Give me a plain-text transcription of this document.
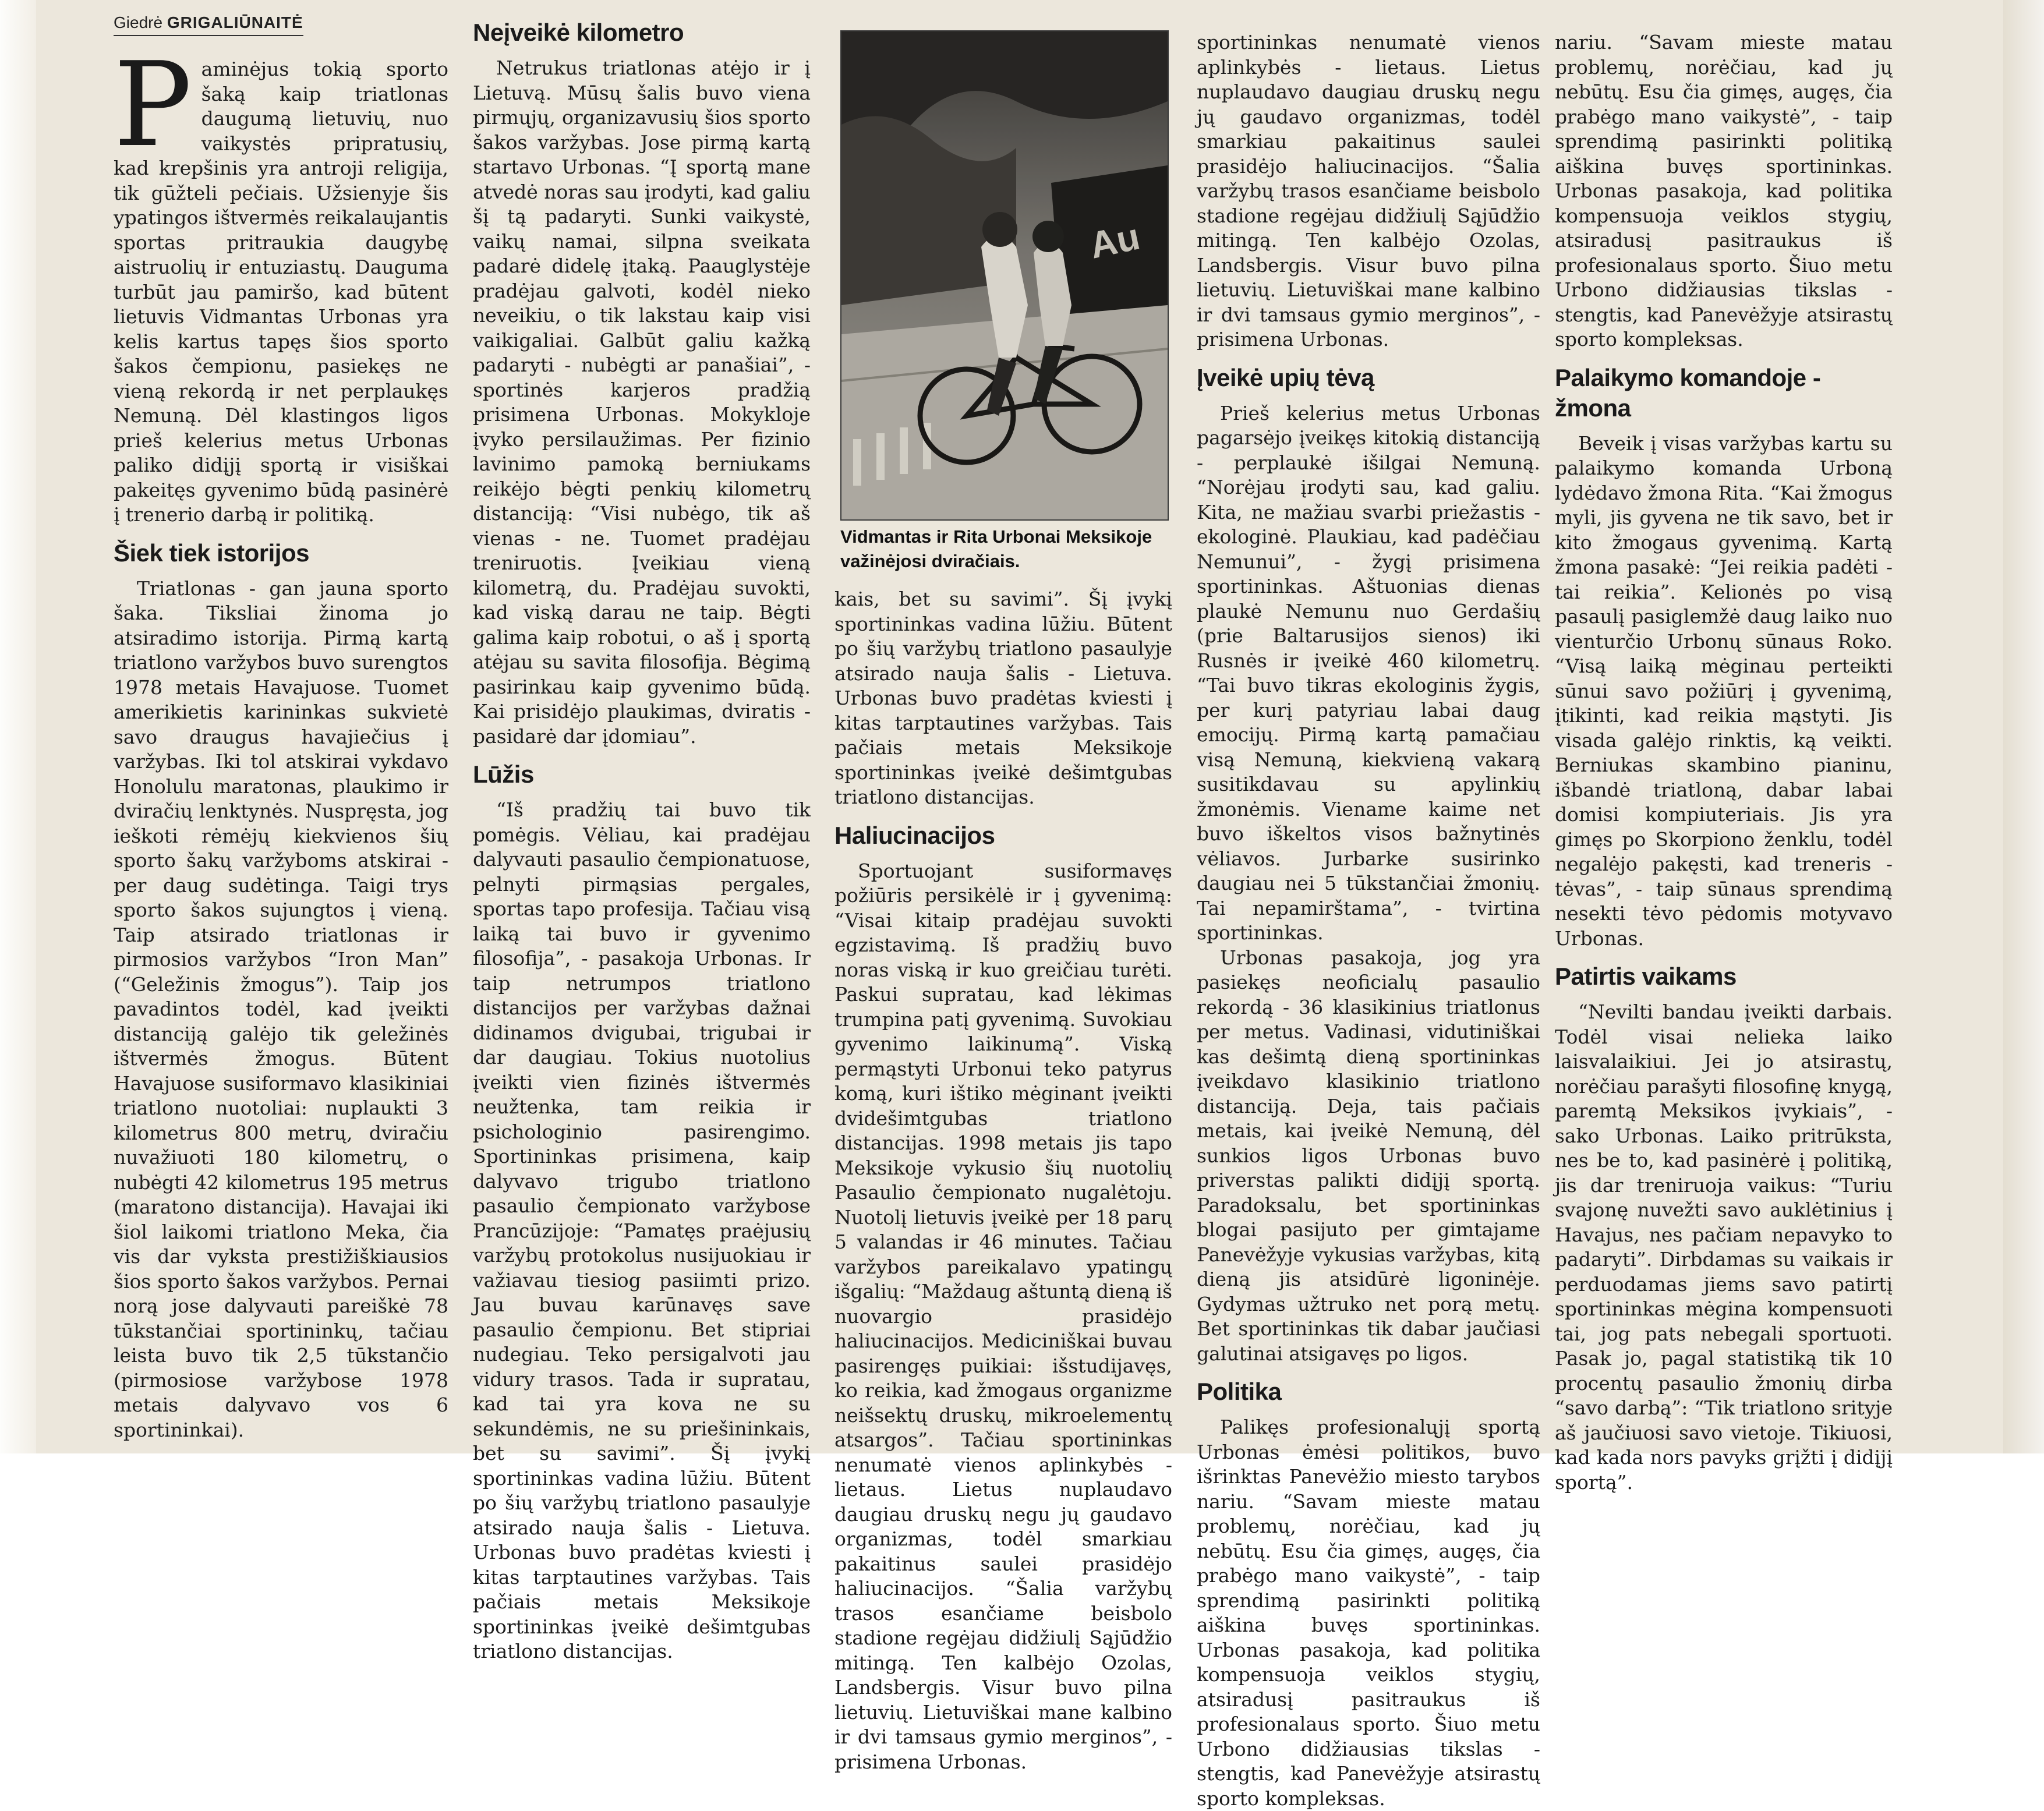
Giedrė GRIGALIŪNAITĖ

Paminėjus tokią sporto šaką kaip triatlonas daugumą lietuvių, nuo vaikystės pripratusių, kad krepšinis yra antroji religija, tik gūžteli pečiais. Užsienyje šis ypatingos ištvermės reikalaujantis sportas pritraukia daugybę aistruolių ir entuziastų. Dauguma turbūt jau pamiršo, kad būtent lietuvis Vidmantas Urbonas yra kelis kartus tapęs šios sporto šakos čempionu, pasiekęs ne vieną rekordą ir net perplaukęs Nemuną. Dėl klastingos ligos prieš kelerius metus Urbonas paliko didįjį sportą ir visiškai pakeitęs gyvenimo būdą pasinėrė į trenerio darbą ir politiką.

Šiek tiek istorijos

Triatlonas - gan jauna sporto šaka. Tiksliai žinoma jo atsiradimo istorija. Pirmą kartą triatlono varžybos buvo surengtos 1978 metais Havajuose. Tuomet amerikietis karininkas sukvietė savo draugus havajiečius į varžybas. Iki tol atskirai vykdavo Honolulu maratonas, plaukimo ir dviračių lenktynės. Nuspręsta, jog ieškoti rėmėjų kiekvienos šių sporto šakų varžyboms atskirai - per daug sudėtinga. Taigi trys sporto šakos sujungtos į vieną. Taip atsirado triatlonas ir pirmosios varžybos “Iron Man” (“Geležinis žmogus”). Taip jos pavadintos todėl, kad įveikti distanciją galėjo tik geležinės ištvermės žmogus. Būtent Havajuose susiformavo klasikiniai triatlono nuotoliai: nuplaukti 3 kilometrus 800 metrų, dviračiu nuvažiuoti 180 kilometrų, o nubėgti 42 kilometrus 195 metrus (maratono distancija). Havajai iki šiol laikomi triatlono Meka, čia vis dar vyksta prestižiškiausios šios sporto šakos varžybos. Pernai norą jose dalyvauti pareiškė 78 tūkstančiai sportininkų, tačiau leista buvo tik 2,5 tūkstančio (pirmosiose varžybose 1978 metais dalyvavo vos 6 sportininkai).

Neįveikė kilometro

Netrukus triatlonas atėjo ir į Lietuvą. Mūsų šalis buvo viena pirmųjų, organizavusių šios sporto šakos varžybas. Jose pirmą kartą startavo Urbonas. “Į sportą mane atvedė noras sau įrodyti, kad galiu šį tą padaryti. Sunki vaikystė, vaikų namai, silpna sveikata padarė didelę įtaką. Paauglystėje pradėjau galvoti, kodėl nieko neveikiu, o tik lakstau kaip visi vaikigaliai. Galbūt galiu kažką padaryti - nubėgti ar panašiai”, - sportinės karjeros pradžią prisimena Urbonas. Mokykloje įvyko persilaužimas. Per fizinio lavinimo pamoką berniukams reikėjo bėgti penkių kilometrų distanciją: “Visi nubėgo, tik aš vienas - ne. Tuomet pradėjau treniruotis. Įveikiau vieną kilometrą, du. Pradėjau suvokti, kad viską darau ne taip. Bėgti galima kaip robotui, o aš į sportą atėjau su savita filosofija. Bėgimą pasirinkau kaip gyvenimo būdą. Kai prisidėjo plaukimas, dviratis - pasidarė dar įdomiau”.

Lūžis

“Iš pradžių tai buvo tik pomėgis. Vėliau, kai pradėjau dalyvauti pasaulio čempionatuose, pelnyti pirmąsias pergales, sportas tapo profesija. Tačiau visą laiką tai buvo ir gyvenimo filosofija”, - pasakoja Urbonas. Ir taip netrumpos triatlono distancijos per varžybas dažnai didinamos dvigubai, trigubai ir dar daugiau. Tokius nuotolius įveikti vien fizinės ištvermės neužtenka, tam reikia ir psichologinio pasirengimo. Sportininkas prisimena, kaip dalyvavo trigubo triatlono pasaulio čempionato varžybose Prancūzijoje: “Pamatęs praėjusių varžybų protokolus nusijuokiau ir važiavau tiesiog pasiimti prizo. Jau buvau karūnavęs save pasaulio čempionu. Bet stipriai nudegiau. Teko persigalvoti jau vidury trasos. Tada ir supratau, kad tai yra kova ne su sekundėmis, ne su priešininkais, bet su savimi”. Šį įvykį sportininkas vadina lūžiu. Būtent po šių varžybų triatlono pasaulyje atsirado nauja šalis - Lietuva. Urbonas buvo pradėtas kviesti į kitas tarptautines varžybas. Tais pačiais metais Meksikoje sportininkas įveikė dešimtgubas triatlono distancijas.

Au
Vidmantas ir Rita Urbonai Meksikoje važinėjosi dviračiais.

kais, bet su savimi”. Šį įvykį sportininkas vadina lūžiu. Būtent po šių varžybų triatlono pasaulyje atsirado nauja šalis - Lietuva. Urbonas buvo pradėtas kviesti į kitas tarptautines varžybas. Tais pačiais metais Meksikoje sportininkas įveikė dešimtgubas triatlono distancijas.

Haliucinacijos

Sportuojant susiformavęs požiūris persikėlė ir į gyvenimą: “Visai kitaip pradėjau suvokti egzistavimą. Iš pradžių buvo noras viską ir kuo greičiau turėti. Paskui supratau, kad lėkimas trumpina patį gyvenimą. Suvokiau gyvenimo laikinumą”. Viską permąstyti Urbonui teko patyrus komą, kuri ištiko mėginant įveikti dvidešimtgubas triatlono distancijas. 1998 metais jis tapo Meksikoje vykusio šių nuotolių Pasaulio čempionato nugalėtoju. Nuotolį lietuvis įveikė per 18 parų 5 valandas ir 46 minutes. Tačiau varžybos pareikalavo ypatingų išgalių: “Maždaug aštuntą dieną iš nuovargio prasidėjo haliucinacijos. Mediciniškai buvau pasirengęs puikiai: išstudijavęs, ko reikia, kad žmogaus organizme neišsektų druskų, mikroelementų atsargos”. Tačiau sportininkas nenumatė vienos aplinkybės - lietaus. Lietus nuplaudavo daugiau druskų negu jų gaudavo organizmas, todėl smarkiau pakaitinus saulei prasidėjo haliucinacijos. “Šalia varžybų trasos esančiame beisbolo stadione regėjau didžiulį Sąjūdžio mitingą. Ten kalbėjo Ozolas, Landsbergis. Visur buvo pilna lietuvių. Lietuviškai mane kalbino ir dvi tamsaus gymio merginos”, - prisimena Urbonas.

sportininkas nenumatė vienos aplinkybės - lietaus. Lietus nuplaudavo daugiau druskų negu jų gaudavo organizmas, todėl smarkiau pakaitinus saulei prasidėjo haliucinacijos. “Šalia varžybų trasos esančiame beisbolo stadione regėjau didžiulį Sąjūdžio mitingą. Ten kalbėjo Ozolas, Landsbergis. Visur buvo pilna lietuvių. Lietuviškai mane kalbino ir dvi tamsaus gymio merginos”, - prisimena Urbonas.

Įveikė upių tėvą

Prieš kelerius metus Urbonas pagarsėjo įveikęs kitokią distanciją - perplaukė išilgai Nemuną. “Norėjau įrodyti sau, kad galiu. Kita, ne mažiau svarbi priežastis - ekologinė. Plaukiau, kad padėčiau Nemunui”, - žygį prisimena sportininkas. Aštuonias dienas plaukė Nemunu nuo Gerdašių (prie Baltarusijos sienos) iki Rusnės ir įveikė 460 kilometrų. “Tai buvo tikras ekologinis žygis, per kurį patyriau labai daug emocijų. Pirmą kartą pamačiau visą Nemuną, kiekvieną vakarą susitikdavau su apylinkių žmonėmis. Viename kaime net buvo iškeltos visos bažnytinės vėliavos. Jurbarke susirinko daugiau nei 5 tūkstančiai žmonių. Tai nepamirštama”, - tvirtina sportininkas.

Urbonas pasakoja, jog yra pasiekęs neoficialų pasaulio rekordą - 36 klasikinius triatlonus per metus. Vadinasi, vidutiniškai kas dešimtą dieną sportininkas įveikdavo klasikinio triatlono distanciją. Deja, tais pačiais metais, kai įveikė Nemuną, dėl sunkios ligos Urbonas buvo priverstas palikti didįjį sportą. Paradoksalu, bet sportininkas blogai pasijuto per gimtajame Panevėžyje vykusias varžybas, kitą dieną jis atsidūrė ligoninėje. Gydymas užtruko net porą metų. Bet sportininkas tik dabar jaučiasi galutinai atsigavęs po ligos.

Politika

Palikęs profesionalųjį sportą Urbonas ėmėsi politikos, buvo išrinktas Panevėžio miesto tarybos nariu. “Savam mieste matau problemų, norėčiau, kad jų nebūtų. Esu čia gimęs, augęs, čia prabėgo mano vaikystė”, - taip sprendimą pasirinkti politiką aiškina buvęs sportininkas. Urbonas pasakoja, kad politika kompensuoja veiklos stygių, atsiradusį pasitraukus iš profesionalaus sporto. Šiuo metu Urbono didžiausias tikslas - stengtis, kad Panevėžyje atsirastų sporto kompleksas.

nariu. “Savam mieste matau problemų, norėčiau, kad jų nebūtų. Esu čia gimęs, augęs, čia prabėgo mano vaikystė”, - taip sprendimą pasirinkti politiką aiškina buvęs sportininkas. Urbonas pasakoja, kad politika kompensuoja veiklos stygių, atsiradusį pasitraukus iš profesionalaus sporto. Šiuo metu Urbono didžiausias tikslas - stengtis, kad Panevėžyje atsirastų sporto kompleksas.

Palaikymo komandoje - žmona

Beveik į visas varžybas kartu su palaikymo komanda Urboną lydėdavo žmona Rita. “Kai žmogus myli, jis gyvena ne tik savo, bet ir kito žmogaus gyvenimą. Kartą žmona pasakė: “Jei reikia padėti - tai reikia”. Kelionės po visą pasaulį pasiglemžė daug laiko nuo vienturčio Urbonų sūnaus Roko. “Visą laiką mėginau perteikti sūnui savo požiūrį į gyvenimą, įtikinti, kad reikia mąstyti. Jis visada galėjo rinktis, ką veikti. Berniukas skambino pianinu, išbandė triatloną, dabar labai domisi kompiuteriais. Jis yra gimęs po Skorpiono ženklu, todėl negalėjo pakęsti, kad treneris - tėvas”, - taip sūnaus sprendimą nesekti tėvo pėdomis motyvavo Urbonas.

Patirtis vaikams

“Nevilti bandau įveikti darbais. Todėl visai nelieka laiko laisvalaikiui. Jei jo atsirastų, norėčiau parašyti filosofinę knygą, paremtą Meksikos įvykiais”, - sako Urbonas. Laiko pritrūksta, nes be to, kad pasinėrė į politiką, jis dar treniruoja vaikus: “Turiu svajonę nuvežti savo auklėtinius į Havajus, nes pačiam nepavyko to padaryti”. Dirbdamas su vaikais ir perduodamas jiems savo patirtį sportininkas mėgina kompensuoti tai, jog pats nebegali sportuoti. Pasak jo, pagal statistiką tik 10 procentų pasaulio žmonių dirba “savo darbą”: “Tik triatlono srityje aš jaučiuosi savo vietoje. Tikiuosi, kad kada nors pavyks grįžti į didįjį sportą”.
